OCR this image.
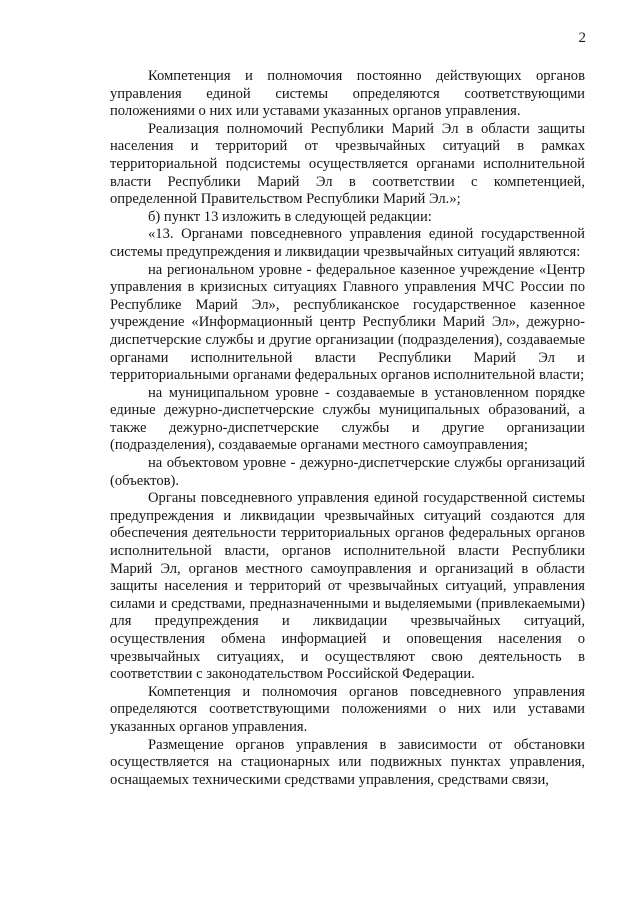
2

Компетенция и полномочия постоянно действующих органов управления единой системы определяются соответствующими положениями о них или уставами указанных органов управления.

Реализация полномочий Республики Марий Эл в области защиты населения и территорий от чрезвычайных ситуаций в рамках территориальной подсистемы осуществляется органами исполнительной власти Республики Марий Эл в соответствии с компетенцией, определенной Правительством Республики Марий Эл.»;

б) пункт 13 изложить в следующей редакции:

«13. Органами повседневного управления единой государственной системы предупреждения и ликвидации чрезвычайных ситуаций являются:

на региональном уровне - федеральное казенное учреждение «Центр управления в кризисных ситуациях Главного управления МЧС России по Республике Марий Эл», республиканское государственное казенное учреждение «Информационный центр Республики Марий Эл», дежурно-диспетчерские службы и другие организации (подразделения), создаваемые органами исполнительной власти Республики Марий Эл и территориальными органами федеральных органов исполнительной власти;

на муниципальном уровне - создаваемые в установленном порядке единые дежурно-диспетчерские службы муниципальных образований, а также дежурно-диспетчерские службы и другие организации (подразделения), создаваемые органами местного самоуправления;

на объектовом уровне - дежурно-диспетчерские службы организаций (объектов).

Органы повседневного управления единой государственной системы предупреждения и ликвидации чрезвычайных ситуаций создаются для обеспечения деятельности территориальных органов федеральных органов исполнительной власти, органов исполнительной власти Республики Марий Эл, органов местного самоуправления и организаций в области защиты населения и территорий от чрезвычайных ситуаций, управления силами и средствами, предназначенными и выделяемыми (привлекаемыми) для предупреждения и ликвидации чрезвычайных ситуаций, осуществления обмена информацией и оповещения населения о чрезвычайных ситуациях, и осуществляют свою деятельность в соответствии с законодательством Российской Федерации.

Компетенция и полномочия органов повседневного управления определяются соответствующими положениями о них или уставами указанных органов управления.

Размещение органов управления в зависимости от обстановки осуществляется на стационарных или подвижных пунктах управления, оснащаемых техническими средствами управления, средствами связи,
